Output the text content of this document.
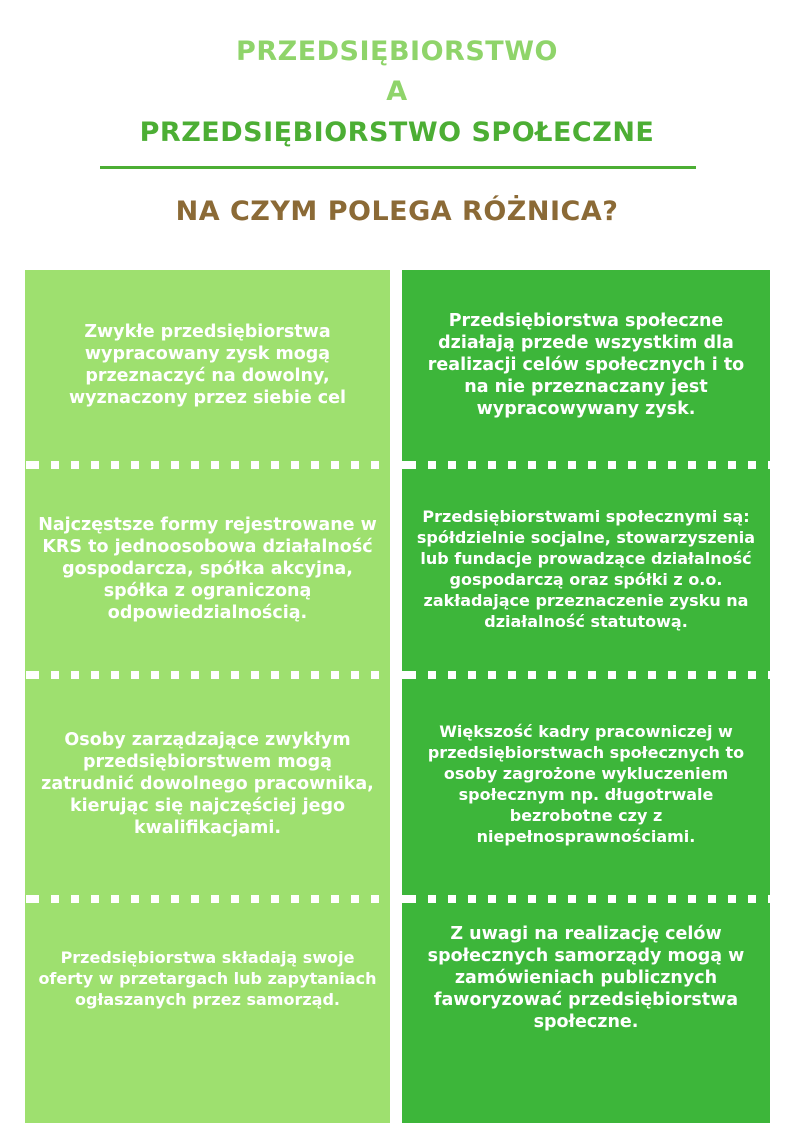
PRZEDSIĘBIORSTWO
A
PRZEDSIĘBIORSTWO SPOŁECZNE
NA CZYM POLEGA RÓŻNICA?

Zwykłe przedsiębiorstwa wypracowany zysk mogą przeznaczyć na dowolny, wyznaczony przez siebie cel

Najczęstsze formy rejestrowane w KRS to jednoosobowa działalność gospodarcza, spółka akcyjna, spółka z ograniczoną odpowiedzialnością.

Osoby zarządzające zwykłym przedsiębiorstwem mogą zatrudnić dowolnego pracownika, kierując się najczęściej jego kwalifikacjami.

Przedsiębiorstwa składają swoje oferty w przetargach lub zapytaniach ogłaszanych przez samorząd.

Przedsiębiorstwa społeczne działają przede wszystkim dla realizacji celów społecznych i to na nie przeznaczany jest wypracowywany zysk.

Przedsiębiorstwami społecznymi są: spółdzielnie socjalne, stowarzyszenia lub fundacje prowadzące działalność gospodarczą oraz spółki z o.o. zakładające przeznaczenie zysku na działalność statutową.

Większość kadry pracowniczej w przedsiębiorstwach społecznych to osoby zagrożone wykluczeniem społecznym np. długotrwale bezrobotne czy z niepełnosprawnościami.

Z uwagi na realizację celów społecznych samorządy mogą w zamówieniach publicznych faworyzować przedsiębiorstwa społeczne.
